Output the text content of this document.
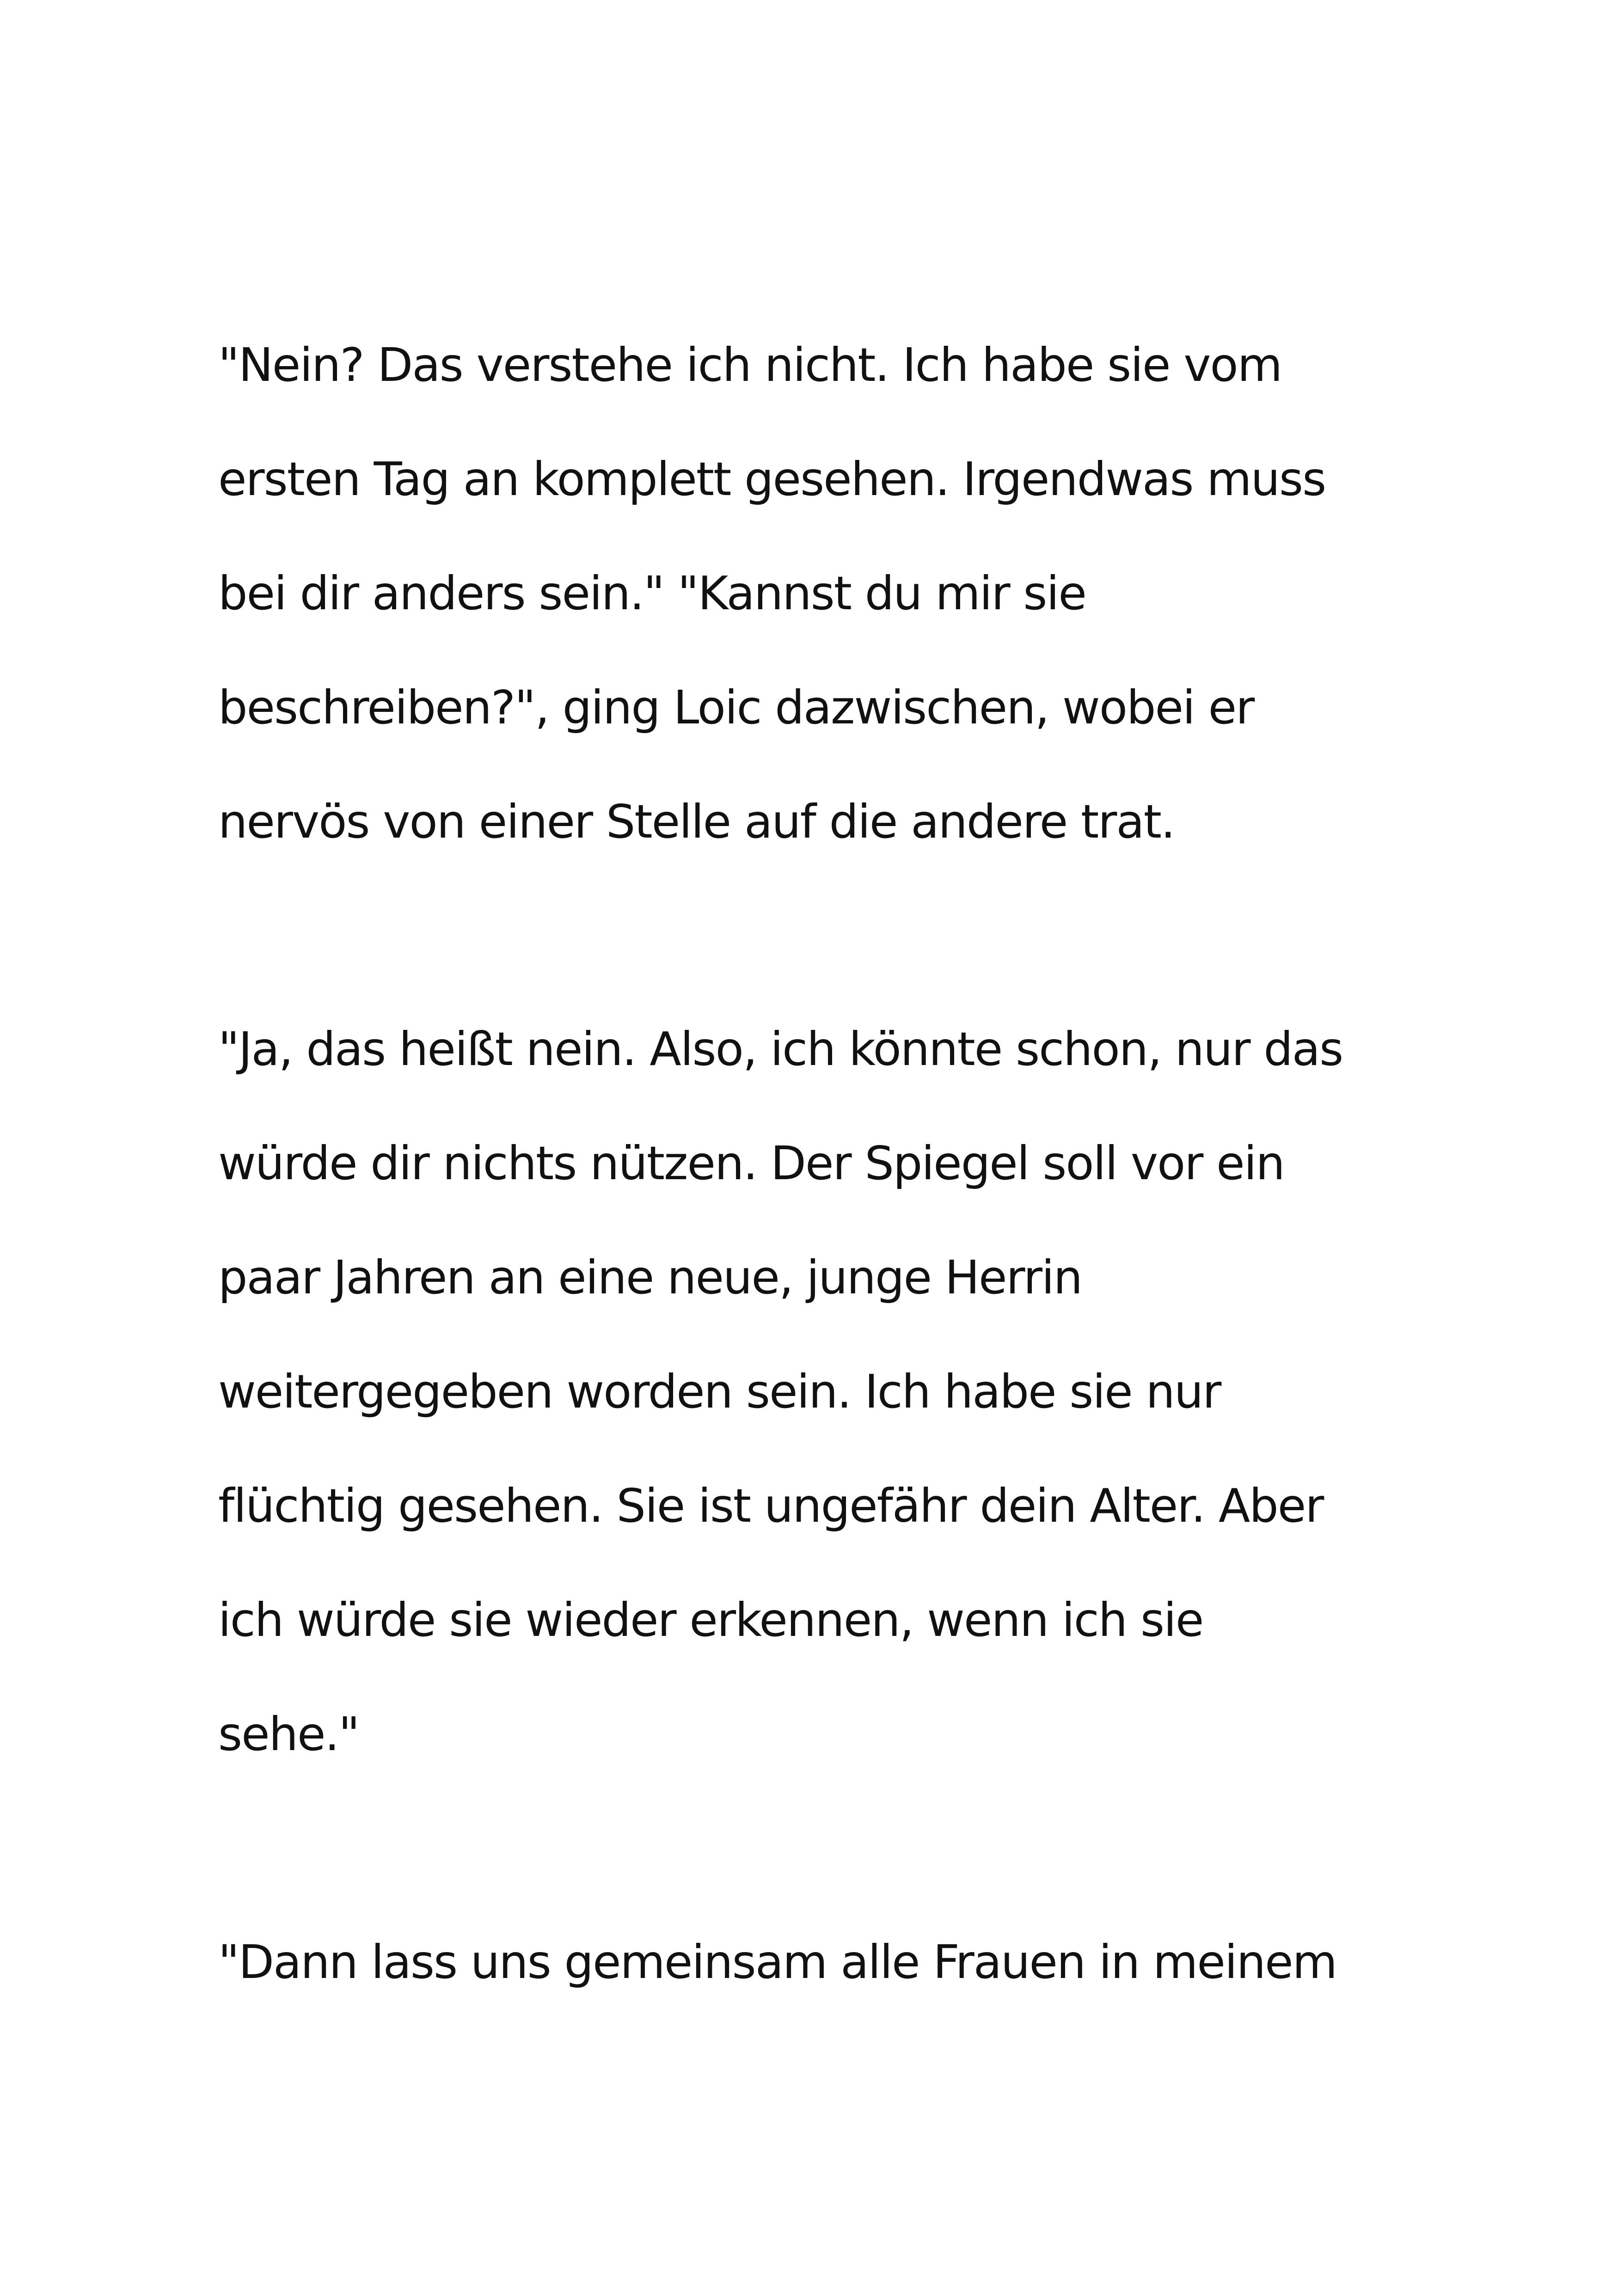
"Nein? Das verstehe ich nicht. Ich habe sie vom
ersten Tag an komplett gesehen. Irgendwas muss
bei dir anders sein." "Kannst du mir sie
beschreiben?", ging Loic dazwischen, wobei er
nervös von einer Stelle auf die andere trat.
"Ja, das heißt nein. Also, ich könnte schon, nur das
würde dir nichts nützen. Der Spiegel soll vor ein
paar Jahren an eine neue, junge Herrin
weitergegeben worden sein. Ich habe sie nur
flüchtig gesehen. Sie ist ungefähr dein Alter. Aber
ich würde sie wieder erkennen, wenn ich sie
sehe."
"Dann lass uns gemeinsam alle Frauen in meinem
